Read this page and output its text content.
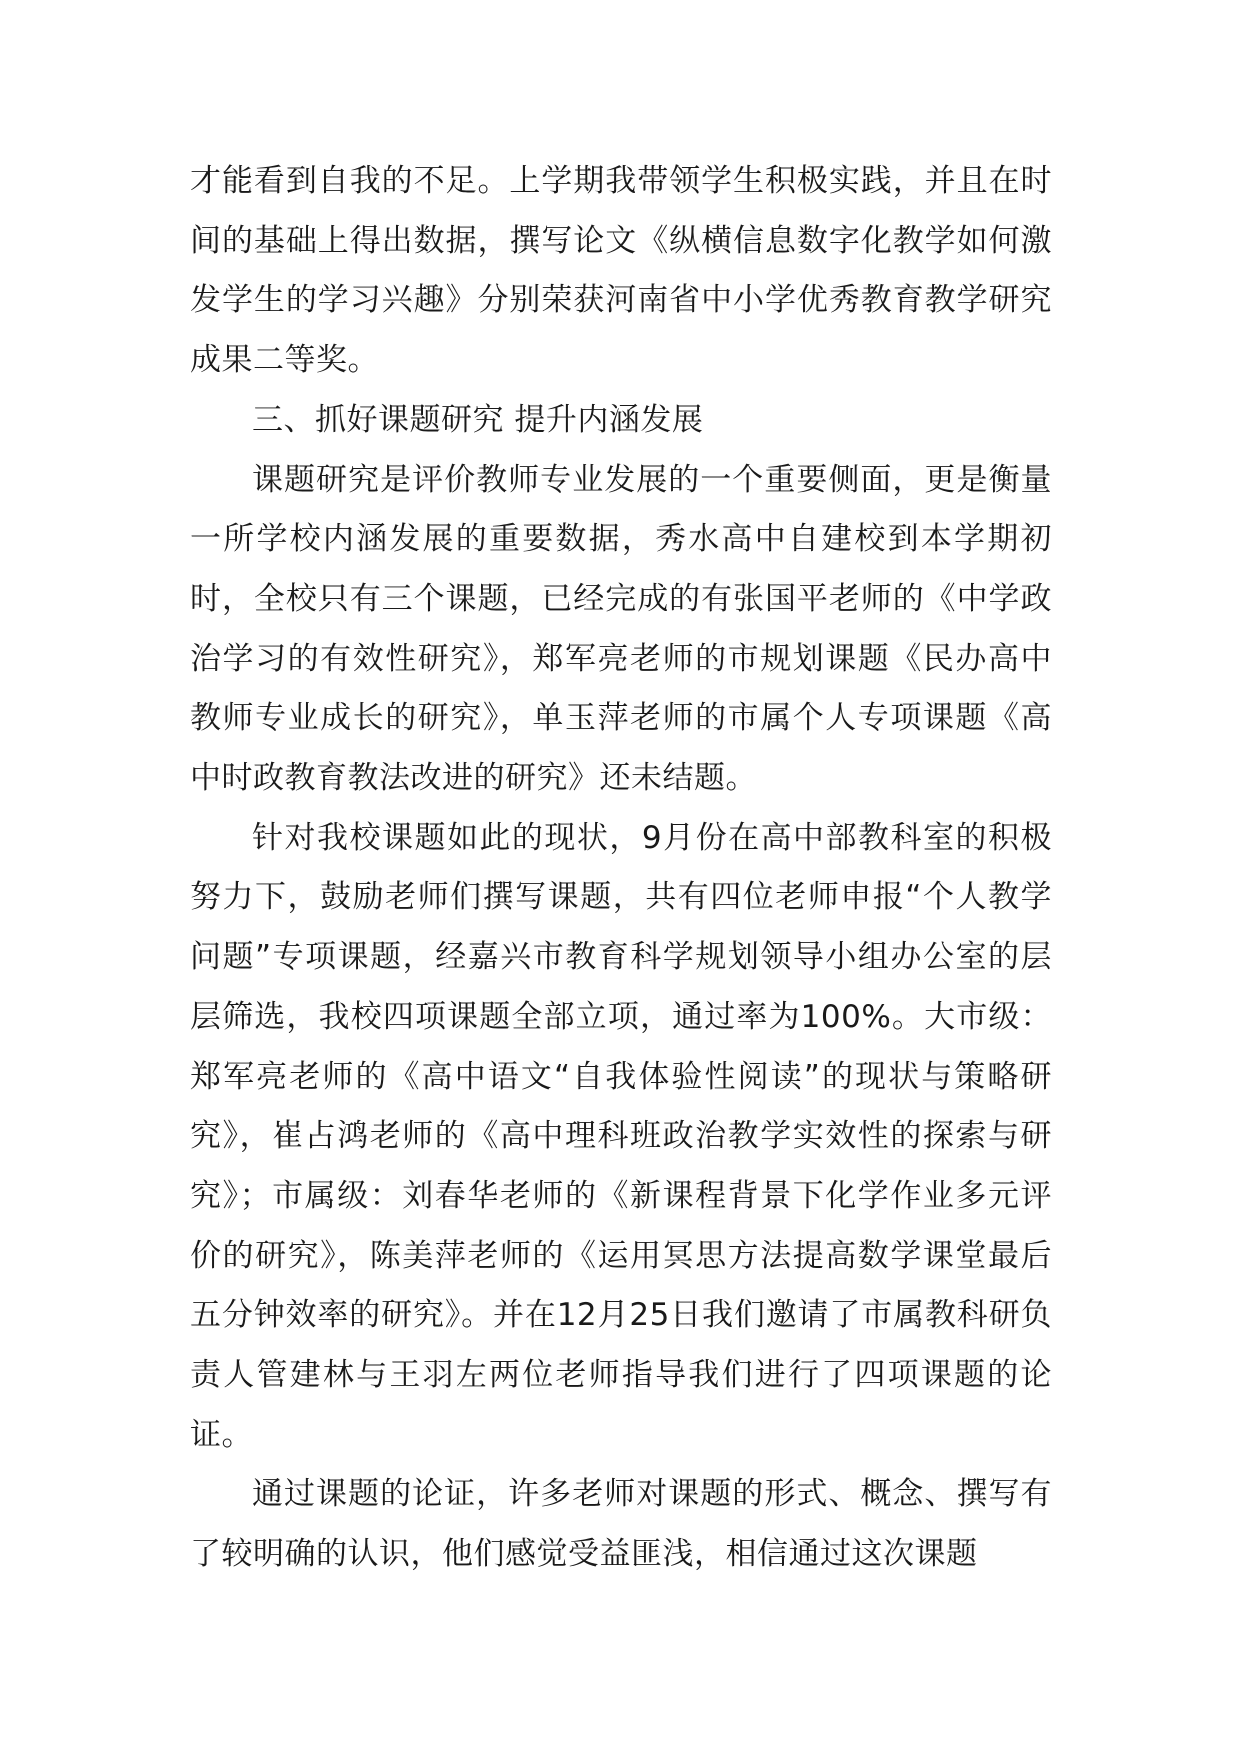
才能看到自我的不足。上学期我带领学生积极实践，并且在时间的基础上得出数据，撰写论文《纵横信息数字化教学如何激发学生的学习兴趣》分别荣获河南省中小学优秀教育教学研究成果二等奖。

三、抓好课题研究 提升内涵发展

课题研究是评价教师专业发展的一个重要侧面，更是衡量一所学校内涵发展的重要数据，秀水高中自建校到本学期初时，全校只有三个课题，已经完成的有张国平老师的《中学政治学习的有效性研究》，郑军亮老师的市规划课题《民办高中教师专业成长的研究》，单玉萍老师的市属个人专项课题《高中时政教育教法改进的研究》还未结题。

针对我校课题如此的现状，9月份在高中部教科室的积极努力下，鼓励老师们撰写课题，共有四位老师申报“个人教学问题”专项课题，经嘉兴市教育科学规划领导小组办公室的层层筛选，我校四项课题全部立项，通过率为100%。大市级： 郑军亮老师的《高中语文“自我体验性阅读”的现状与策略研究》，崔占鸿老师的《高中理科班政治教学实效性的探索与研究》；市属级：刘春华老师的《新课程背景下化学作业多元评价的研究》，陈美萍老师的《运用冥思方法提高数学课堂最后五分钟效率的研究》。并在12月25日我们邀请了市属教科研负责人管建林与王羽左两位老师指导我们进行了四项课题的论证。

通过课题的论证，许多老师对课题的形式、概念、撰写有了较明确的认识，他们感觉受益匪浅，相信通过这次课题
